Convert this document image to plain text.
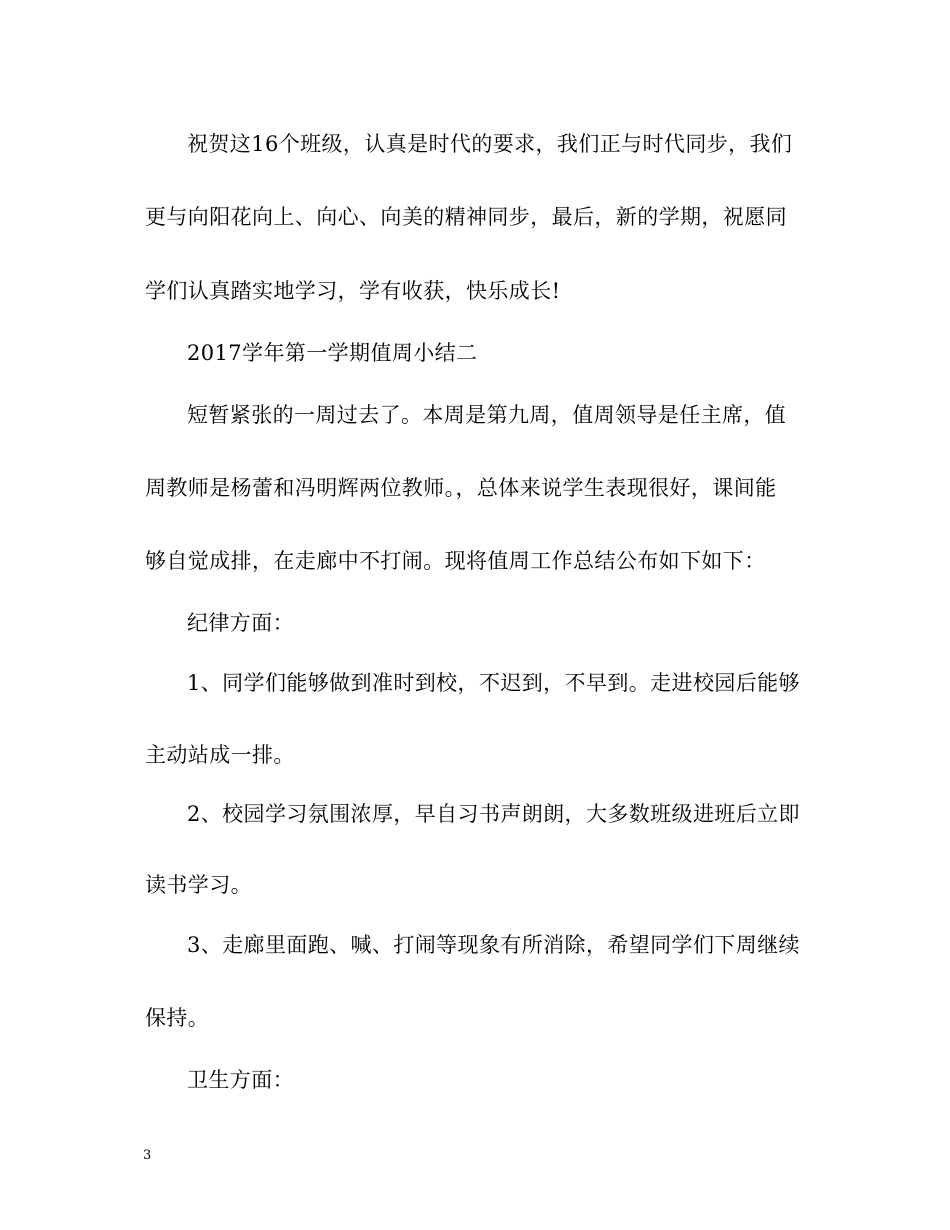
祝贺这16个班级，认真是时代的要求，我们正与时代同步，我们
更与向阳花向上、向心、向美的精神同步，最后，新的学期，祝愿同
学们认真踏实地学习，学有收获，快乐成长!
2017学年第一学期值周小结二
短暂紧张的一周过去了。本周是第九周，值周领导是任主席，值
周教师是杨蕾和冯明辉两位教师。，总体来说学生表现很好，课间能
够自觉成排，在走廊中不打闹。现将值周工作总结公布如下如下：
纪律方面：
1、同学们能够做到准时到校，不迟到，不早到。走进校园后能够
主动站成一排。
2、校园学习氛围浓厚，早自习书声朗朗，大多数班级进班后立即
读书学习。
3、走廊里面跑、喊、打闹等现象有所消除，希望同学们下周继续
保持。
卫生方面：
3
